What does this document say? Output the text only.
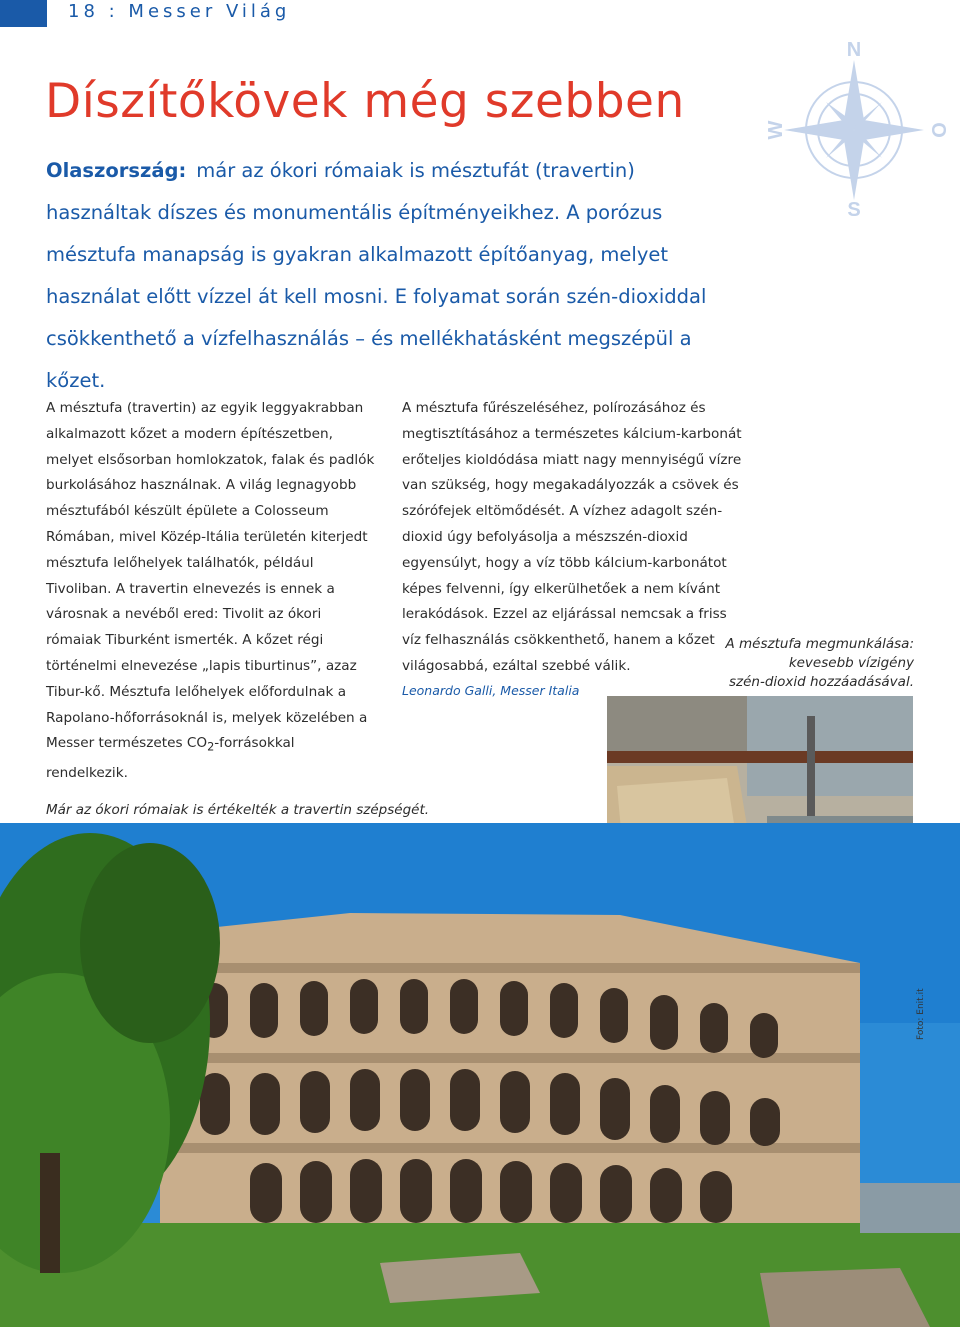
18 : Messer Világ
Díszítőkövek még szebben
Olaszország: már az ókori rómaiak is mésztufát (travertin) használtak díszes és monumentális építményeikhez. A porózus mésztufa manapság is gyakran alkalmazott építőanyag, melyet használat előtt vízzel át kell mosni. E folyamat során szén-dioxiddal csökkenthető a vízfelhasználás – és mellékhatásként megszépül a kőzet.
N
S
W	O
A mésztufa (travertin) az egyik leggyakrabban alkalmazott kőzet a modern építészetben, melyet elsősorban homlokzatok, falak és padlók burkolásához használnak. A világ legnagyobb mésztufából készült épülete a Colosseum Rómában, mivel Közép-Itália területén kiterjedt mésztufa lelőhelyek találhatók, például Tivoliban. A travertin elnevezés is ennek a városnak a nevéből ered: Tivolit az ókori rómaiak Tiburként ismerték. A kőzet régi történelmi elnevezése „lapis tiburtinus”, azaz Tibur-kő. Mésztufa lelőhelyek előfordulnak a Rapolano-hőforrásoknál is, melyek közelében a Messer természetes $CO_2$-forrásokkal rendelkezik.
A mésztufa fűrészeléséhez, polírozásához és megtisztításához a természetes kálcium-karbonát erőteljes kioldódása miatt nagy mennyiségű vízre van szükség, hogy megakadályozzák a csövek és szórófejek eltömődését. A vízhez adagolt szén-dioxid úgy befolyásolja a mészszén-dioxid egyensúlyt, hogy a víz több kálcium-karbonátot képes felvenni, így elkerülhetőek a nem kívánt lerakódások. Ezzel az eljárással nemcsak a friss víz felhasználás csökkenthető, hanem a kőzet világosabbá, ezáltal szebbé válik.
Leonardo Galli, Messer Italia
A mésztufa megmunkálása:
kevesebb vízigény
szén-dioxid hozzáadásával.
Már az ókori rómaiak is értékelték a travertin szépségét.
Foto: Enit.it
